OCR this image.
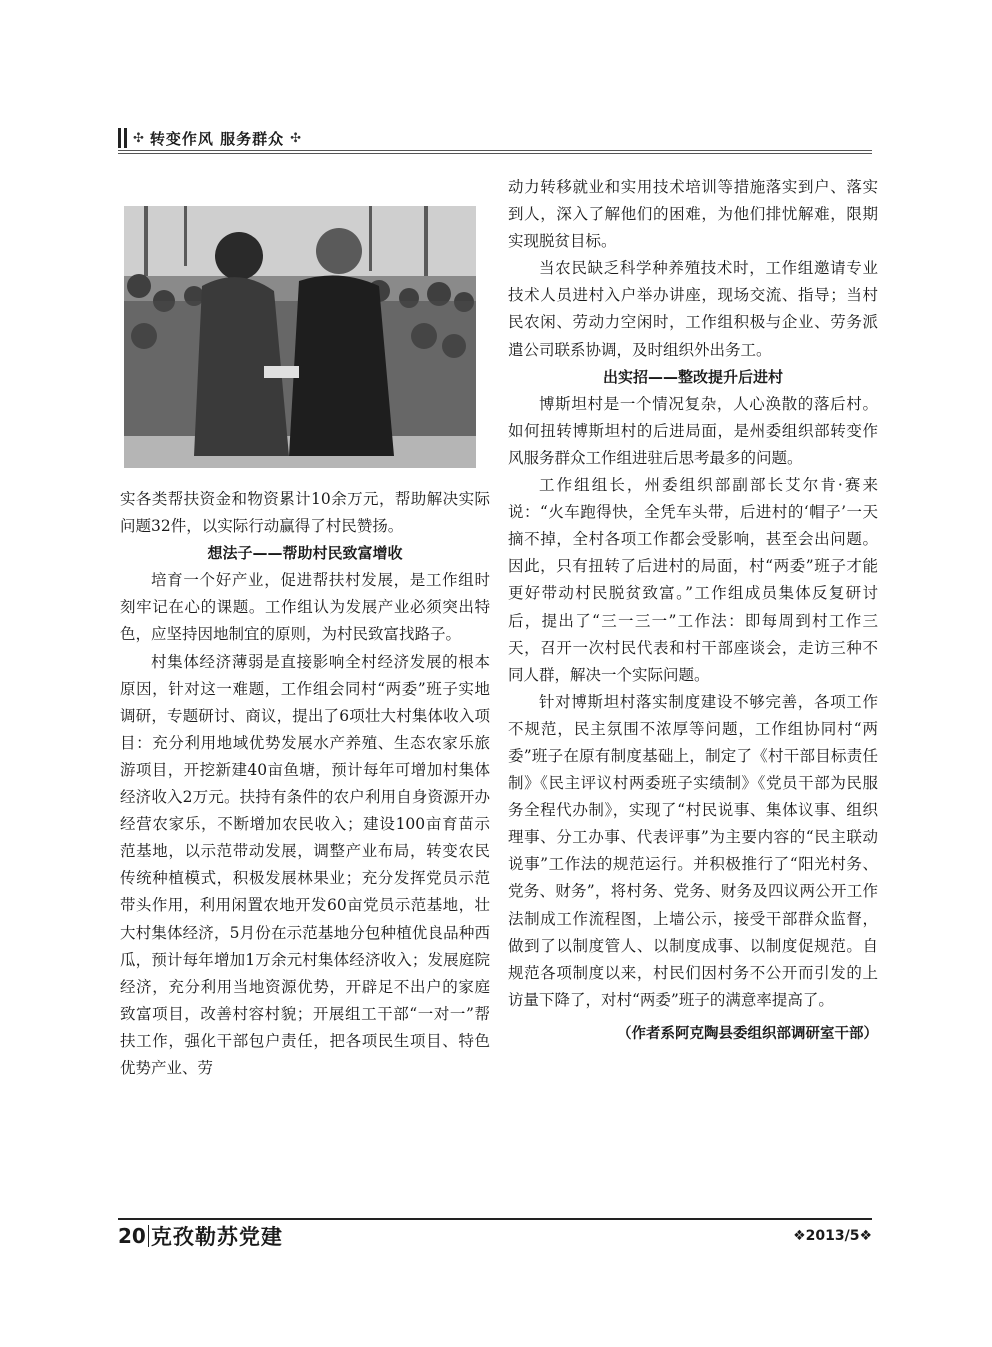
✣ 转变作风 服务群众 ✣

实各类帮扶资金和物资累计10余万元，帮助解决实际问题32件，以实际行动赢得了村民赞扬。

想法子——帮助村民致富增收

培育一个好产业，促进帮扶村发展，是工作组时刻牢记在心的课题。工作组认为发展产业必须突出特色，应坚持因地制宜的原则，为村民致富找路子。

村集体经济薄弱是直接影响全村经济发展的根本原因，针对这一难题，工作组会同村“两委”班子实地调研，专题研讨、商议，提出了6项壮大村集体收入项目：充分利用地域优势发展水产养殖、生态农家乐旅游项目，开挖新建40亩鱼塘，预计每年可增加村集体经济收入2万元。扶持有条件的农户利用自身资源开办经营农家乐，不断增加农民收入；建设100亩育苗示范基地，以示范带动发展，调整产业布局，转变农民传统种植模式，积极发展林果业；充分发挥党员示范带头作用，利用闲置农地开发60亩党员示范基地，壮大村集体经济，5月份在示范基地分包种植优良品种西瓜，预计每年增加1万余元村集体经济收入；发展庭院经济，充分利用当地资源优势，开辟足不出户的家庭致富项目，改善村容村貌；开展组工干部“一对一”帮扶工作，强化干部包户责任，把各项民生项目、特色优势产业、劳

动力转移就业和实用技术培训等措施落实到户、落实到人，深入了解他们的困难，为他们排忧解难，限期实现脱贫目标。

当农民缺乏科学种养殖技术时，工作组邀请专业技术人员进村入户举办讲座，现场交流、指导；当村民农闲、劳动力空闲时，工作组积极与企业、劳务派遣公司联系协调，及时组织外出务工。

出实招——整改提升后进村

博斯坦村是一个情况复杂，人心涣散的落后村。如何扭转博斯坦村的后进局面，是州委组织部转变作风服务群众工作组进驻后思考最多的问题。

工作组组长，州委组织部副部长艾尔肯·赛来说：“火车跑得快，全凭车头带，后进村的‘帽子’一天摘不掉，全村各项工作都会受影响，甚至会出问题。因此，只有扭转了后进村的局面，村“两委”班子才能更好带动村民脱贫致富。”工作组成员集体反复研讨后，提出了“三一三一”工作法：即每周到村工作三天，召开一次村民代表和村干部座谈会，走访三种不同人群，解决一个实际问题。

针对博斯坦村落实制度建设不够完善，各项工作不规范，民主氛围不浓厚等问题，工作组协同村“两委”班子在原有制度基础上，制定了《村干部目标责任制》《民主评议村两委班子实绩制》《党员干部为民服务全程代办制》，实现了“村民说事、集体议事、组织理事、分工办事、代表评事”为主要内容的“民主联动说事”工作法的规范运行。并积极推行了“阳光村务、党务、财务”，将村务、党务、财务及四议两公开工作法制成工作流程图，上墙公示，接受干部群众监督，做到了以制度管人、以制度成事、以制度促规范。自规范各项制度以来，村民们因村务不公开而引发的上访量下降了，对村“两委”班子的满意率提高了。

（作者系阿克陶县委组织部调研室干部）

20 克孜勒苏党建	❖2013/5❖
